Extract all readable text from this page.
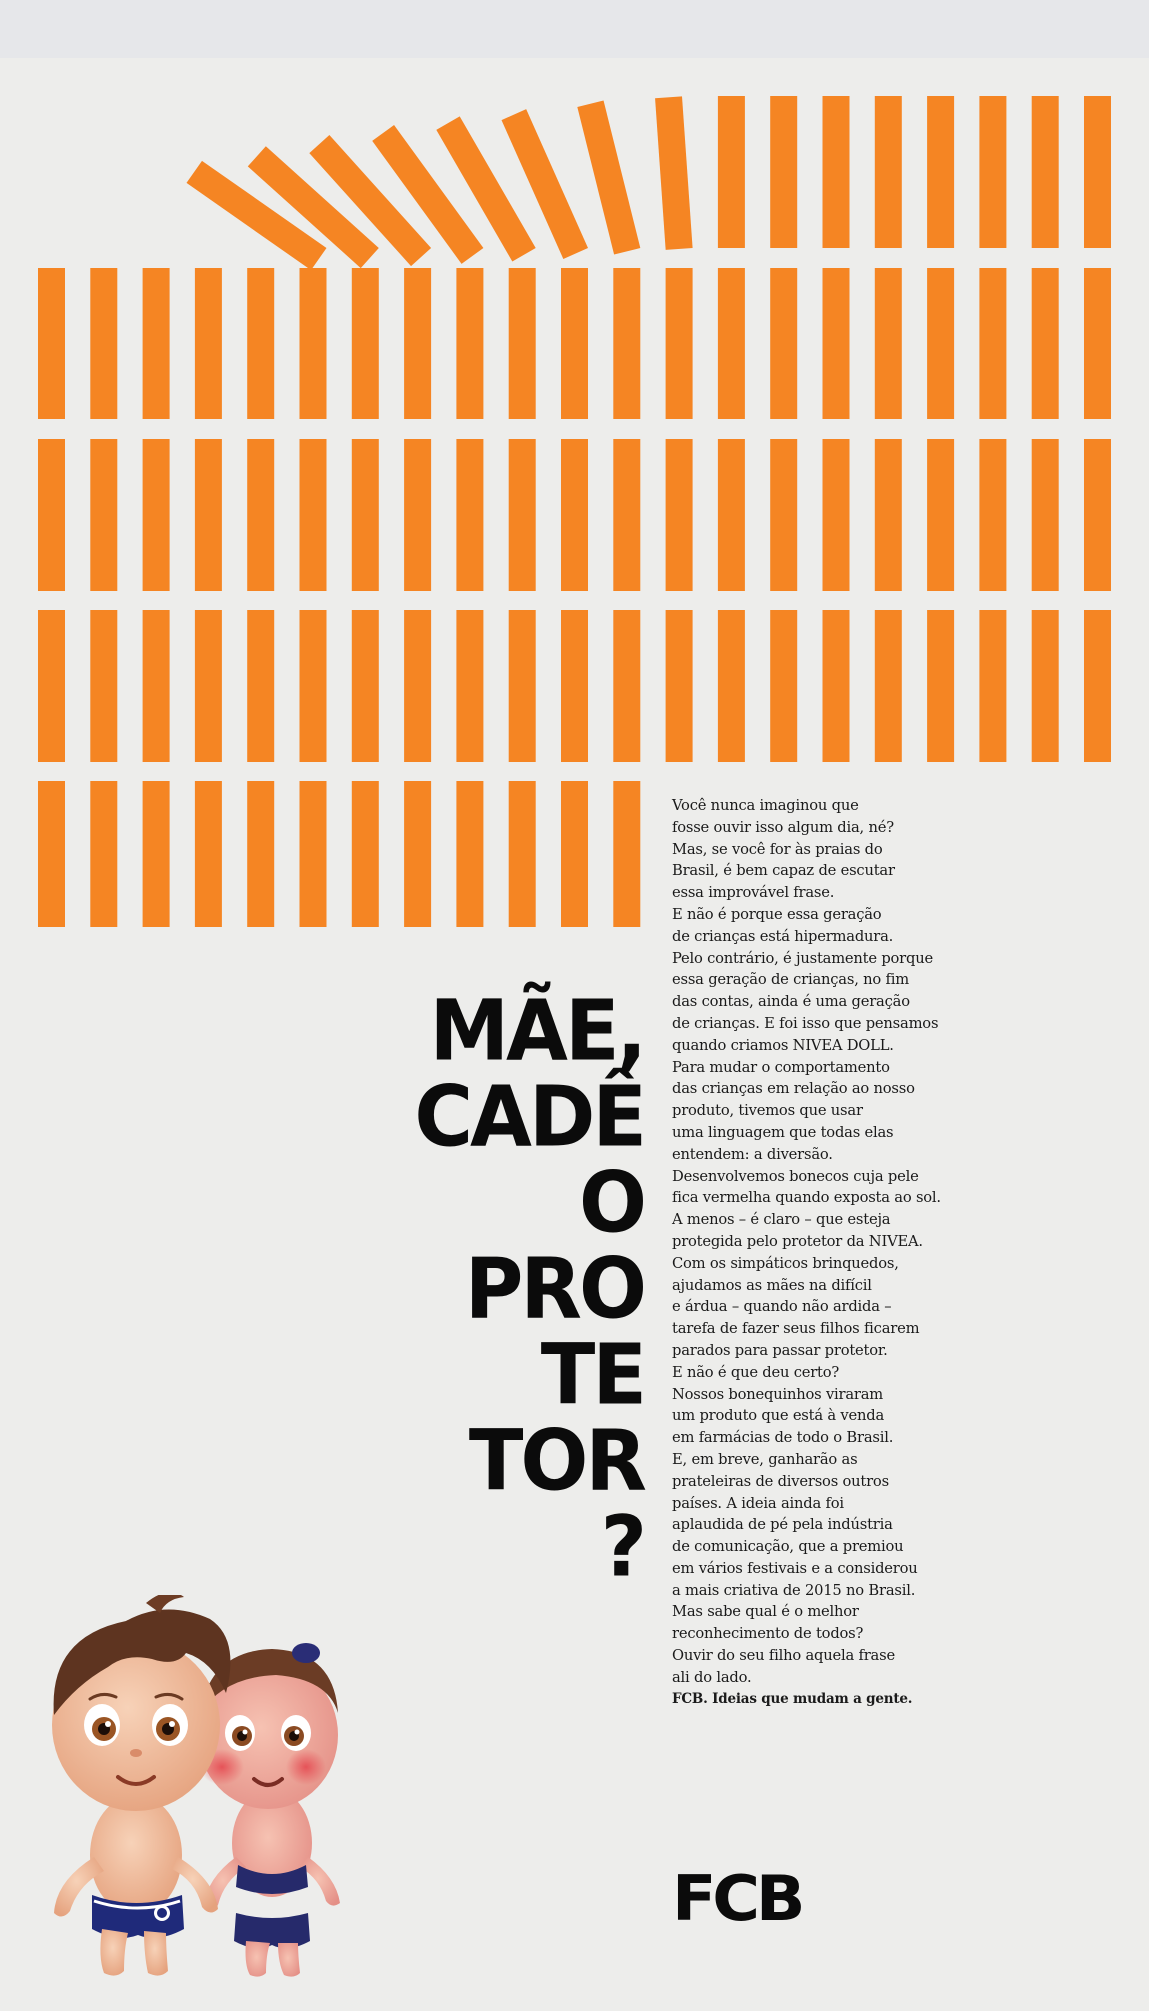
MÃE,
CADÊ
O
PRO
TE
TOR
?
Você nunca imaginou que
fosse ouvir isso algum dia, né?
Mas, se você for às praias do
Brasil, é bem capaz de escutar
essa improvável frase.
E não é porque essa geração
de crianças está hipermadura.
Pelo contrário, é justamente porque
essa geração de crianças, no fim
das contas, ainda é uma geração
de crianças. E foi isso que pensamos
quando criamos NIVEA DOLL.
Para mudar o comportamento
das crianças em relação ao nosso
produto, tivemos que usar
uma linguagem que todas elas
entendem: a diversão.
Desenvolvemos bonecos cuja pele
fica vermelha quando exposta ao sol.
A menos – é claro – que esteja
protegida pelo protetor da NIVEA.
Com os simpáticos brinquedos,
ajudamos as mães na difícil
e árdua – quando não ardida –
tarefa de fazer seus filhos ficarem
parados para passar protetor.
E não é que deu certo?
Nossos bonequinhos viraram
um produto que está à venda
em farmácias de todo o Brasil.
E, em breve, ganharão as
prateleiras de diversos outros
países. A ideia ainda foi
aplaudida de pé pela indústria
de comunicação, que a premiou
em vários festivais e a considerou
a mais criativa de 2015 no Brasil.
Mas sabe qual é o melhor
reconhecimento de todos?
Ouvir do seu filho aquela frase
ali do lado.
FCB. Ideias que mudam a gente.
FCB
